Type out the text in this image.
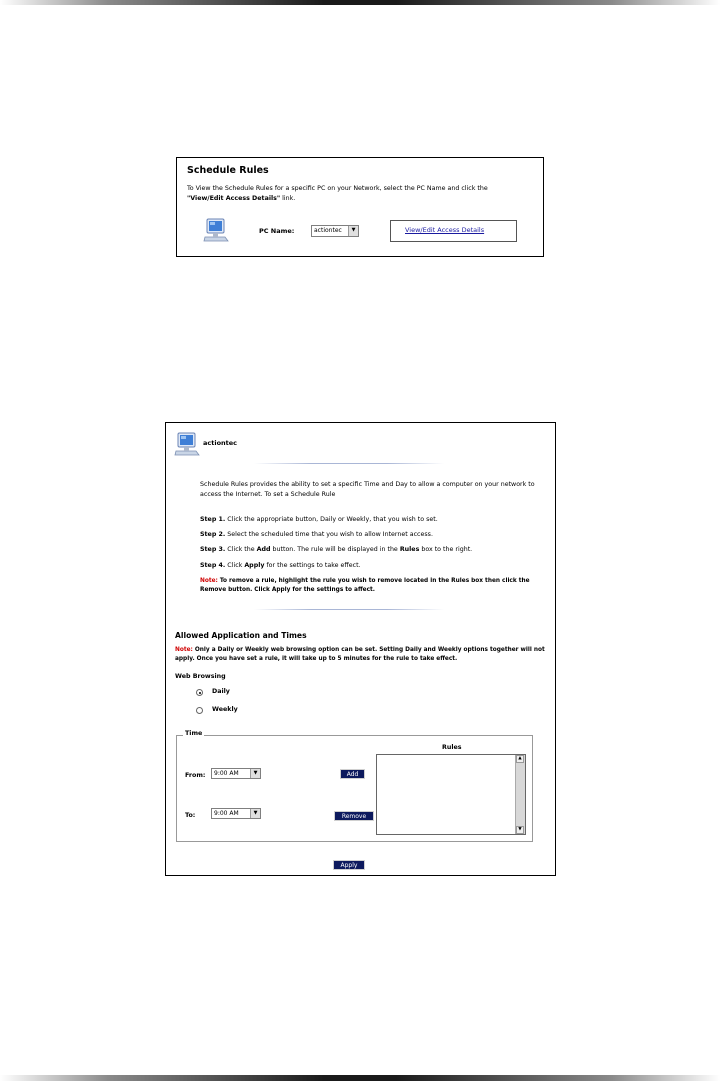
Schedule Rules
To View the Schedule Rules for a specific PC on your Network, select the PC Name and click the
"View/Edit Access Details" link.
PC Name:	actiontec	▼	View/Edit Access Details
actiontec
Schedule Rules provides the ability to set a specific Time and Day to allow a computer on your network to access the Internet. To set a Schedule Rule
Step 1. Click the appropriate button, Daily or Weekly, that you wish to set.
Step 2. Select the scheduled time that you wish to allow Internet access.
Step 3. Click the Add button. The rule will be displayed in the Rules box to the right.
Step 4. Click Apply for the settings to take effect.
Note: To remove a rule, highlight the rule you wish to remove located in the Rules box then click the Remove button. Click Apply for the settings to affect.
Allowed Application and Times
Note: Only a Daily or Weekly web browsing option can be set. Setting Daily and Weekly options together will not apply. Once you have set a rule, it will take up to 5 minutes for the rule to take effect.
Web Browsing
Daily
Weekly
Time
From:	9:00 AM	▼
To:	9:00 AM	▼
Add
Remove
Rules
▲
▼
Apply
